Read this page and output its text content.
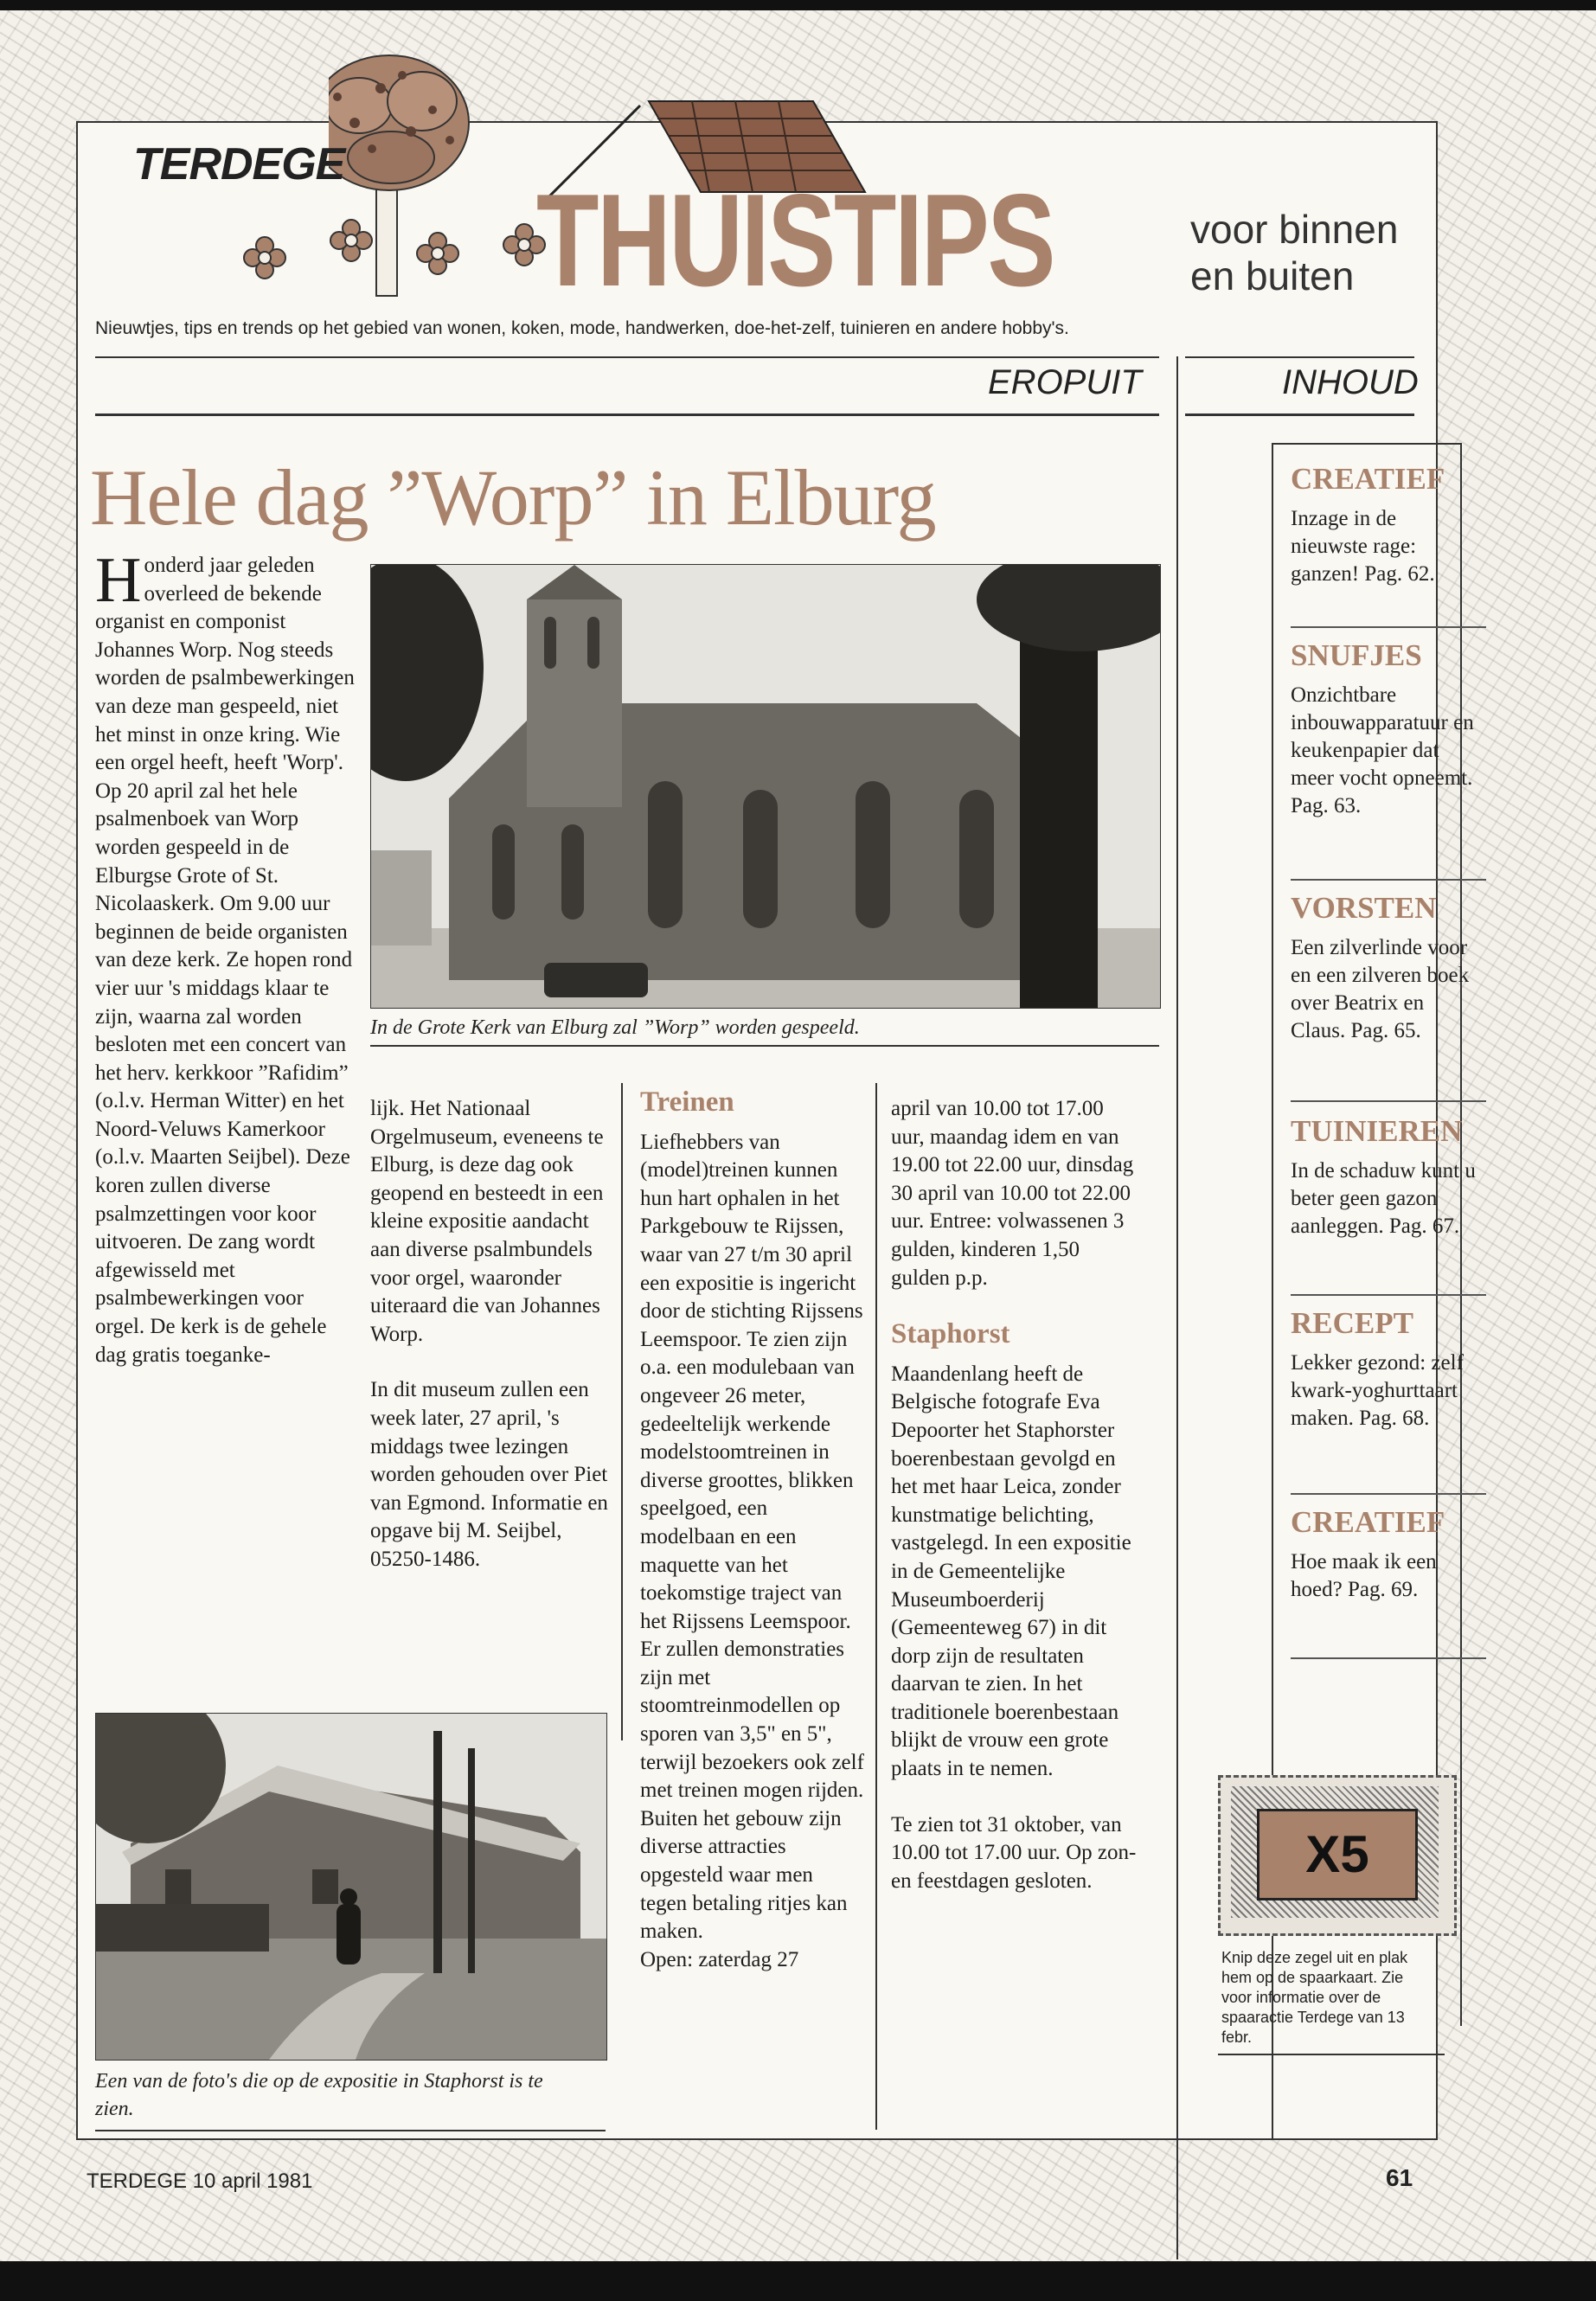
TERDEGE
THUISTIPS	voor binnen
en buiten
Nieuwtjes, tips en trends op het gebied van wonen, koken, mode, handwerken, doe-het-zelf, tuinieren en andere hobby's.
EROPUIT	INHOUD
Hele dag ”Worp” in Elburg
In de Grote Kerk van Elburg zal ”Worp” worden gespeeld.
Honderd jaar geleden overleed de bekende organist en componist Johannes Worp. Nog steeds worden de psalmbewerkingen van deze man gespeeld, niet het minst in onze kring. Wie een orgel heeft, heeft 'Worp'. Op 20 april zal het hele psalmenboek van Worp worden gespeeld in de Elburgse Grote of St. Nicolaaskerk. Om 9.00 uur beginnen de beide organisten van deze kerk. Ze hopen rond vier uur 's middags klaar te zijn, waarna zal worden besloten met een concert van het herv. kerkkoor ”Rafidim” (o.l.v. Herman Witter) en het Noord-Veluws Kamerkoor (o.l.v. Maarten Seijbel). Deze koren zullen diverse psalmzettingen voor koor uitvoeren. De zang wordt afgewisseld met psalmbewerkingen voor orgel. De kerk is de gehele dag gratis toeganke-
Een van de foto's die op de expositie in Staphorst is te zien.

lijk. Het Nationaal Orgelmuseum, eveneens te Elburg, is deze dag ook geopend en besteedt in een kleine expositie aandacht aan diverse psalmbundels voor orgel, waaronder uiteraard die van Johannes Worp.

In dit museum zullen een week later, 27 april, 's middags twee lezingen worden gehouden over Piet van Egmond. Informatie en opgave bij M. Seijbel, 05250-1486.

Treinen

Liefhebbers van (model)treinen kunnen hun hart ophalen in het Parkgebouw te Rijssen, waar van 27 t/m 30 april een expositie is ingericht door de stichting Rijssens Leemspoor. Te zien zijn o.a. een modulebaan van ongeveer 26 meter, gedeeltelijk werkende modelstoomtreinen in diverse groottes, blikken speelgoed, een modelbaan en een maquette van het toekomstige traject van het Rijssens Leemspoor. Er zullen demonstraties zijn met stoomtreinmodellen op sporen van 3,5" en 5", terwijl bezoekers ook zelf met treinen mogen rijden. Buiten het gebouw zijn diverse attracties opgesteld waar men tegen betaling ritjes kan maken.

Open: zaterdag 27

april van 10.00 tot 17.00 uur, maandag idem en van 19.00 tot 22.00 uur, dinsdag 30 april van 10.00 tot 22.00 uur. Entree: volwassenen 3 gulden, kinderen 1,50 gulden p.p.

Staphorst

Maandenlang heeft de Belgische fotografe Eva Depoorter het Staphorster boerenbestaan gevolgd en het met haar Leica, zonder kunstmatige belichting, vastgelegd. In een expositie in de Gemeentelijke Museumboerderij (Gemeenteweg 67) in dit dorp zijn de resultaten daarvan te zien. In het traditionele boerenbestaan blijkt de vrouw een grote plaats in te nemen.

Te zien tot 31 oktober, van 10.00 tot 17.00 uur. Op zon- en feestdagen gesloten.

CREATIEF

Inzage in de nieuwste rage: ganzen! Pag. 62.

SNUFJES

Onzichtbare inbouwapparatuur en keukenpapier dat meer vocht opneemt. Pag. 63.

VORSTEN

Een zilverlinde voor en een zilveren boek over Beatrix en Claus. Pag. 65.

TUINIEREN

In de schaduw kunt u beter geen gazon aanleggen. Pag. 67.

RECEPT

Lekker gezond: zelf kwark-yoghurttaart maken. Pag. 68.

CREATIEF

Hoe maak ik een hoed? Pag. 69.

X5
Knip deze zegel uit en plak hem op de spaarkaart. Zie voor informatie over de spaaractie Terdege van 13 febr.
TERDEGE 10 april 1981	61
